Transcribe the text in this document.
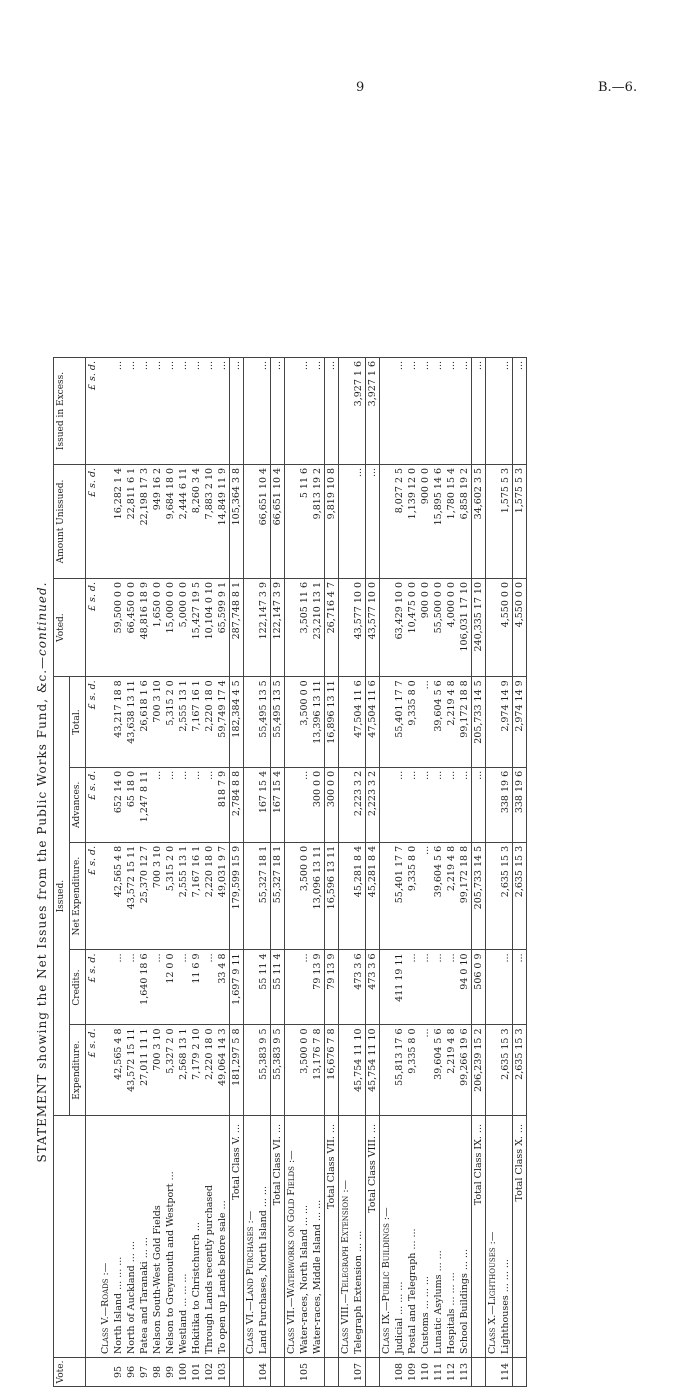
9	B.—6.
STATEMENT showing the Net Issues from the Public Works Fund, &c.—continued.
Vote.		Issued.					Voted.	Amount Unissued.	Issued in Excess.
		Expenditure.	Credits.	Net Expenditure.	Advances.	Total.			
		£ s. d.	£ s. d.	£ s. d.	£ s. d.	£ s. d.	£ s. d.	£ s. d.	£ s. d.
	Class V.—Roads :—								
95	North Island ... ... ...	42,565 4 8	...	42,565 4 8	652 14 0	43,217 18 8	59,500 0 0	16,282 1 4	...
96	North of Auckland ... ...	43,572 15 11	...	43,572 15 11	65 18 0	43,638 13 11	66,450 0 0	22,811 6 1	...
97	Patea and Taranaki ... ...	27,011 11 1	1,640 18 6	25,370 12 7	1,247 8 11	26,618 1 6	48,816 18 9	22,198 17 3	...
98	Nelson South-West Gold Fields	700 3 10	...	700 3 10	...	700 3 10	1,650 0 0	949 16 2	...
99	Nelson to Greymouth and Westport ...	5,327 2 0	12 0 0	5,315 2 0	...	5,315 2 0	15,000 0 0	9,684 18 0	...
100	Westland ... ... ...	2,568 13 1	...	2,555 13 1	...	2,555 13 1	5,000 0 0	2,444 6 11	...
101	Hokitika to Christchurch ...	7,179 2 10	11 6 9	7,167 16 1	...	7,167 16 1	15,427 19 5	8,260 3 4	...
102	Through Lands recently purchased	2,220 18 0	...	2,220 18 0	...	2,220 18 0	10,104 0 10	7,883 2 10	...
103	To open up Lands before sale ...	49,064 14 3	33 4 8	49,031 9 7	818 7 9	59,749 17 4	65,599 9 1	14,849 11 9	...
	Total Class V. ...	181,297 5 8	1,697 9 11	179,599 15 9	2,784 8 8	182,384 4 5	287,748 8 1	105,364 3 8	...
	Class VI.—Land Purchases :—								
104	Land Purchases, North Island ... ...	55,383 9 5	55 11 4	55,327 18 1	167 15 4	55,495 13 5	122,147 3 9	66,651 10 4	...
	Total Class VI. ...	55,383 9 5	55 11 4	55,327 18 1	167 15 4	55,495 13 5	122,147 3 9	66,651 10 4	...
	Class VII.—Waterworks on Gold Fields :—								
105	Water-races, North Island ... ...	3,500 0 0	...	3,500 0 0	...	3,500 0 0	3,505 11 6	5 11 6	...
	Water-races, Middle Island ... ...	13,176 7 8	79 13 9	13,096 13 11	300 0 0	13,396 13 11	23,210 13 1	9,813 19 2	...
	Total Class VII. ...	16,676 7 8	79 13 9	16,596 13 11	300 0 0	16,896 13 11	26,716 4 7	9,819 10 8	...
	Class VIII.—Telegraph Extension :—								
107	Telegraph Extension ... ...	45,754 11 10	473 3 6	45,281 8 4	2,223 3 2	47,504 11 6	43,577 10 0	...	3,927 1 6
	Total Class VIII. ...	45,754 11 10	473 3 6	45,281 8 4	2,223 3 2	47,504 11 6	43,577 10 0	...	3,927 1 6
	Class IX.—Public Buildings :—								
108	Judicial ... ... ...	55,813 17 6	411 19 11	55,401 17 7	...	55,401 17 7	63,429 10 0	8,027 2 5	...
109	Postal and Telegraph ... ...	9,335 8 0	...	9,335 8 0	...	9,335 8 0	10,475 0 0	1,139 12 0	...
110	Customs ... ... ...	...	...	...	...	...	900 0 0	900 0 0	...
111	Lunatic Asylums ... ...	39,604 5 6	...	39,604 5 6	...	39,604 5 6	55,500 0 0	15,895 14 6	...
112	Hospitals ... ... ...	2,219 4 8	...	2,219 4 8	...	2,219 4 8	4,000 0 0	1,780 15 4	...
113	School Buildings ... ...	99,266 19 6	94 0 10	99,172 18 8	...	99,172 18 8	106,031 17 10	6,858 19 2	...
	Total Class IX. ...	206,239 15 2	506 0 9	205,733 14 5	...	205,733 14 5	240,335 17 10	34,602 3 5	...
	Class X.—Lighthouses :—								
114	Lighthouses ... ... ...	2,635 15 3	...	2,635 15 3	338 19 6	2,974 14 9	4,550 0 0	1,575 5 3	...
	Total Class X. ...	2,635 15 3	...	2,635 15 3	338 19 6	2,974 14 9	4,550 0 0	1,575 5 3	...
